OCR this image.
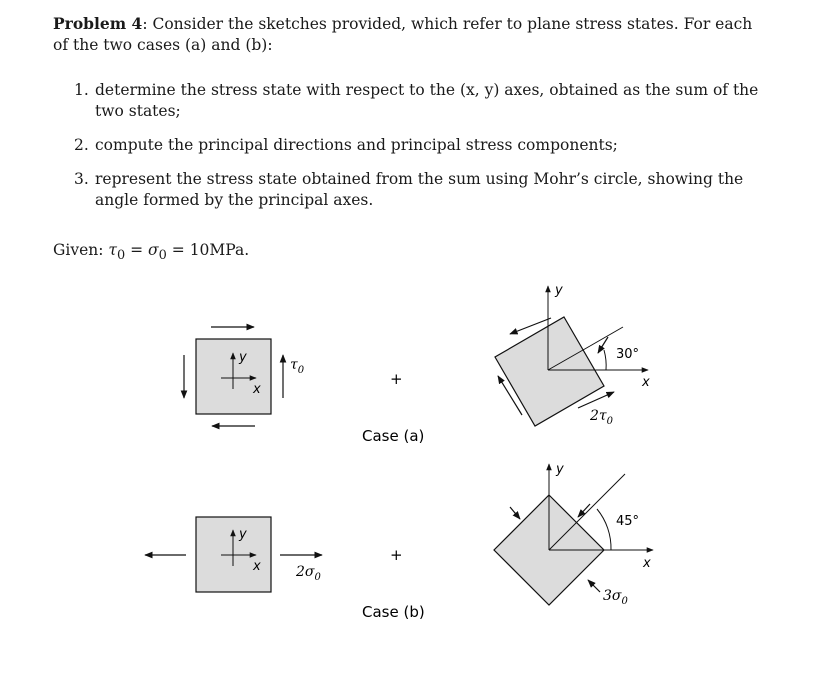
Problem 4: Consider the sketches provided, which refer to plane stress states. For each of the two cases (a) and (b):
1. determine the stress state with respect to the (x, y) axes, obtained as the sum of the two states;
2. compute the principal directions and principal stress components;
3. represent the stress state obtained from the sum using Mohr’s circle, showing the angle formed by the principal axes.
Given: $\tau_0 = \sigma_0 = 10MPa$.
y
x
$\tau_0$	+
Case (a)
y
x
30°
$2\tau_0$
y
x	$2\sigma_0$
+
Case (b)
y
x
45°
$3\sigma_0$
